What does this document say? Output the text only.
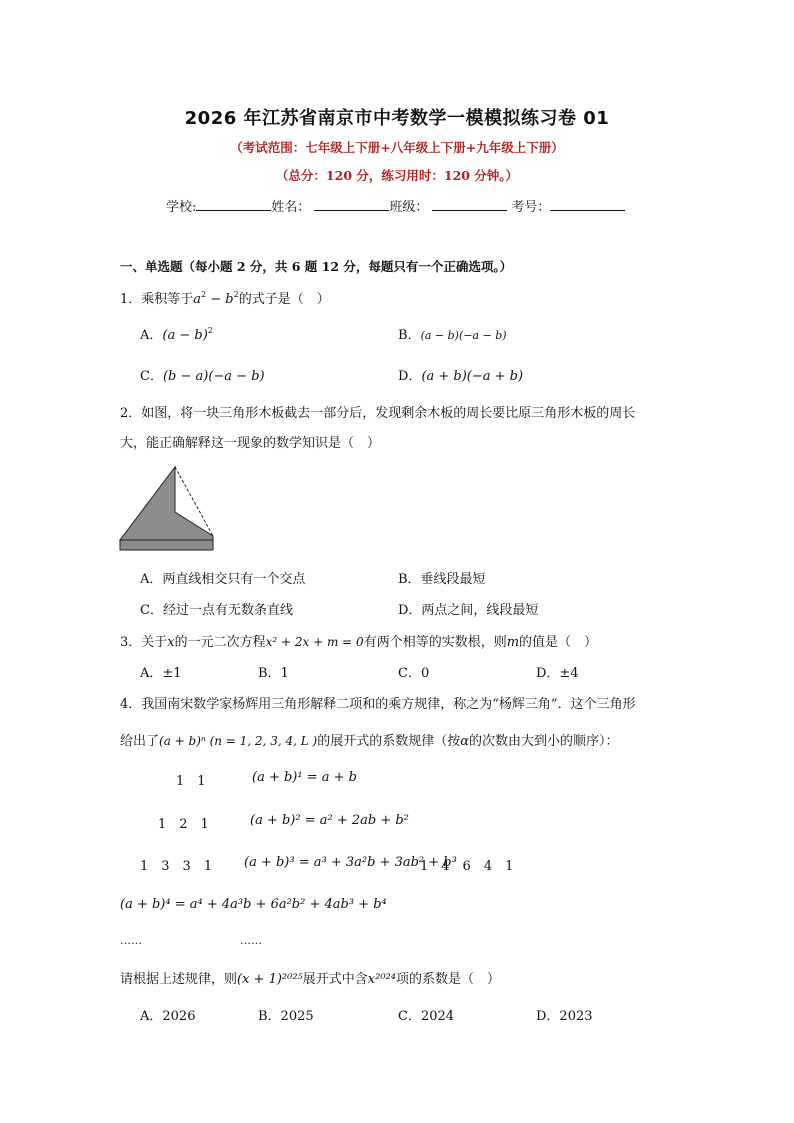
2026 年江苏省南京市中考数学一模模拟练习卷 01
（考试范围：七年级上下册+八年级上下册+九年级上下册）
（总分：120 分，练习用时：120 分钟。）
学校:	姓名：	班级：	考号：
一、单选题（每小题 2 分，共 6 题 12 分，每题只有一个正确选项。）
1．乘积等于$a^2 - b^2$的式子是（　）
A．$(a - b)^2$	B．(a − b)(−a − b)
C．(b − a)(−a − b)	D．(a + b)(−a + b)
2．如图，将一块三角形木板截去一部分后，发现剩余木板的周长要比原三角形木板的周长
大，能正确解释这一现象的数学知识是（　）
A．两直线相交只有一个交点	B．垂线段最短
C．经过一点有无数条直线	D．两点之间，线段最短
3．关于x的一元二次方程x² + 2x + m = 0有两个相等的实数根，则m的值是（　）
A．±1	B．1	C．0	D．±4
4．我国南宋数学家杨辉用三角形解释二项和的乘方规律，称之为“杨辉三角”．这个三角形
给出了(a + b)ⁿ (n = 1, 2, 3, 4, L )的展开式的系数规律（按α的次数由大到小的顺序）：
1　1	(a + b)¹ = a + b
1　2　1	(a + b)² = a² + 2ab + b²
1　3　3　1 (a + b)³ = a³ + 3a²b + 3ab² + b³
1　4　6　4　1
(a + b)⁴ = a⁴ + 4a³b + 6a²b² + 4ab³ + b⁴
……	……
请根据上述规律，则(x + 1)²⁰²⁵展开式中含x²⁰²⁴项的系数是（　）
A．2026	B．2025	C．2024	D．2023
